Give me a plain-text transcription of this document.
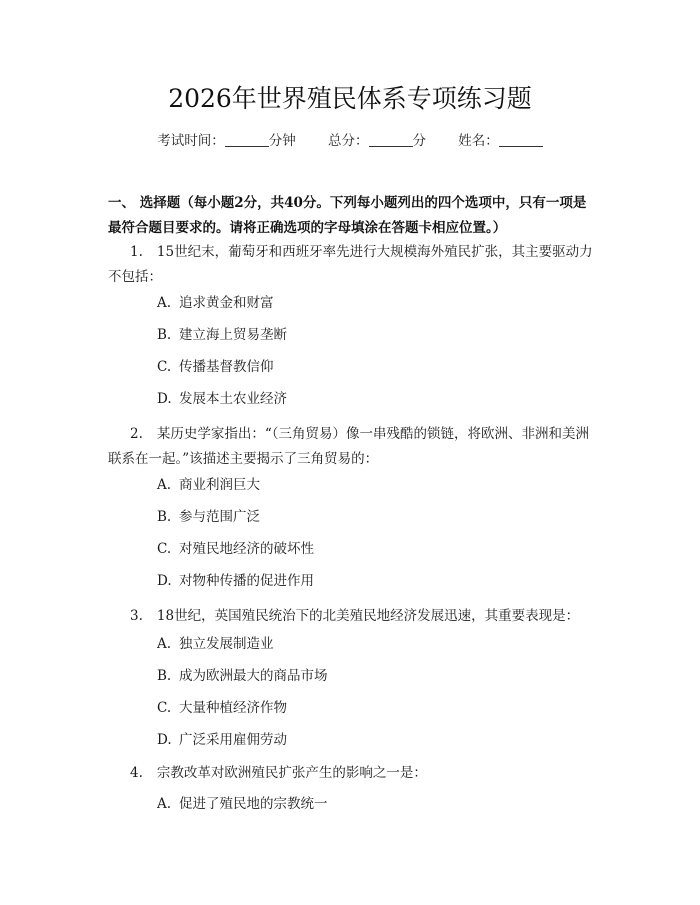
2026年世界殖民体系专项练习题
考试时间：	分钟 总分：	分 姓名：
一、 选择题（每小题2分，共40分。下列每小题列出的四个选项中，只有一项是最符合题目要求的。请将正确选项的字母填涂在答题卡相应位置。）
1. 15世纪末，葡萄牙和西班牙率先进行大规模海外殖民扩张，其主要驱动力不包括：
A. 追求黄金和财富
B. 建立海上贸易垄断
C. 传播基督教信仰
D. 发展本土农业经济
2. 某历史学家指出：“（三角贸易）像一串残酷的锁链，将欧洲、非洲和美洲联系在一起。”该描述主要揭示了三角贸易的：
A. 商业利润巨大
B. 参与范围广泛
C. 对殖民地经济的破坏性
D. 对物种传播的促进作用
3. 18世纪，英国殖民统治下的北美殖民地经济发展迅速，其重要表现是：
A. 独立发展制造业
B. 成为欧洲最大的商品市场
C. 大量种植经济作物
D. 广泛采用雇佣劳动
4. 宗教改革对欧洲殖民扩张产生的影响之一是：
A. 促进了殖民地的宗教统一
